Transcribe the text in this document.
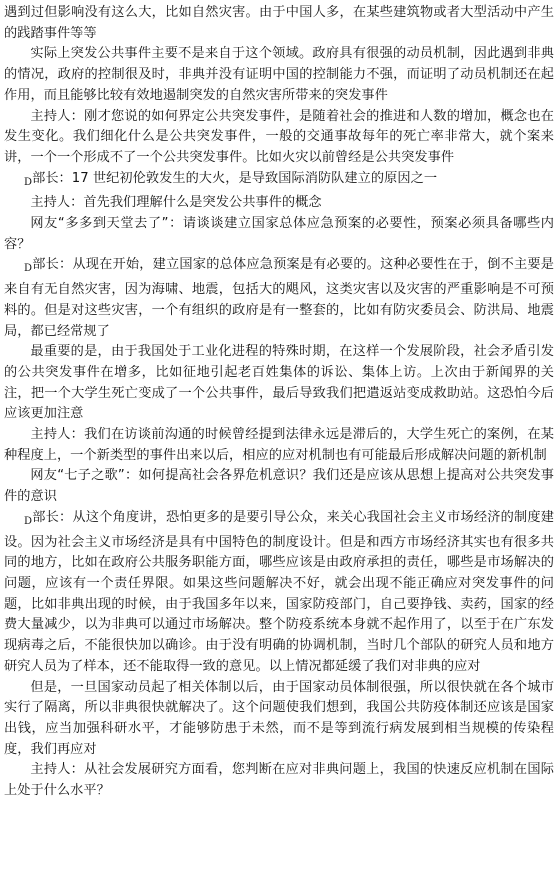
遇到过但影响没有这么大，比如自然灾害。由于中国人多，在某些建筑物或者大型活动中产生的践踏事件等等

实际上突发公共事件主要不是来自于这个领域。政府具有很强的动员机制，因此遇到非典的情况，政府的控制很及时，非典并没有证明中国的控制能力不强，而证明了动员机制还在起作用，而且能够比较有效地遏制突发的自然灾害所带来的突发事件

主持人：刚才您说的如何界定公共突发事件，是随着社会的推进和人数的增加，概念也在发生变化。我们细化什么是公共突发事件，一般的交通事故每年的死亡率非常大，就个案来讲，一个一个形成不了一个公共突发事件。比如火灾以前曾经是公共突发事件

D部长：17 世纪初伦敦发生的大火，是导致国际消防队建立的原因之一

主持人：首先我们理解什么是突发公共事件的概念

网友“多多到天堂去了”：请谈谈建立国家总体应急预案的必要性，预案必须具备哪些内容？

D部长：从现在开始，建立国家的总体应急预案是有必要的。这种必要性在于，倒不主要是来自有无自然灾害，因为海啸、地震，包括大的飓风，这类灾害以及灾害的严重影响是不可预料的。但是对这些灾害，一个有组织的政府是有一整套的，比如有防灾委员会、防洪局、地震局，都已经常规了

最重要的是，由于我国处于工业化进程的特殊时期，在这样一个发展阶段，社会矛盾引发的公共突发事件在增多，比如征地引起老百姓集体的诉讼、集体上访。上次由于新闻界的关注，把一个大学生死亡变成了一个公共事件，最后导致我们把遣返站变成救助站。这恐怕今后应该更加注意

主持人：我们在访谈前沟通的时候曾经提到法律永远是滞后的，大学生死亡的案例，在某种程度上，一个新类型的事件出来以后，相应的应对机制也有可能最后形成解决问题的新机制

网友“七子之歌”：如何提高社会各界危机意识？我们还是应该从思想上提高对公共突发事件的意识

D部长：从这个角度讲，恐怕更多的是要引导公众，来关心我国社会主义市场经济的制度建设。因为社会主义市场经济是具有中国特色的制度设计。但是和西方市场经济其实也有很多共同的地方，比如在政府公共服务职能方面，哪些应该是由政府承担的责任，哪些是市场解决的问题，应该有一个责任界限。如果这些问题解决不好，就会出现不能正确应对突发事件的问题，比如非典出现的时候，由于我国多年以来，国家防疫部门，自己要挣钱、卖药，国家的经费大量减少，以为非典可以通过市场解决。整个防疫系统本身就不起作用了，以至于在广东发现病毒之后，不能很快加以确诊。由于没有明确的协调机制，当时几个部队的研究人员和地方研究人员为了样本，还不能取得一致的意见。以上情况都延缓了我们对非典的应对

但是，一旦国家动员起了相关体制以后，由于国家动员体制很强，所以很快就在各个城市实行了隔离，所以非典很快就解决了。这个问题使我们想到，我国公共防疫体制还应该是国家出钱，应当加强科研水平，才能够防患于未然，而不是等到流行病发展到相当规模的传染程度，我们再应对

主持人：从社会发展研究方面看，您判断在应对非典问题上，我国的快速反应机制在国际上处于什么水平？
